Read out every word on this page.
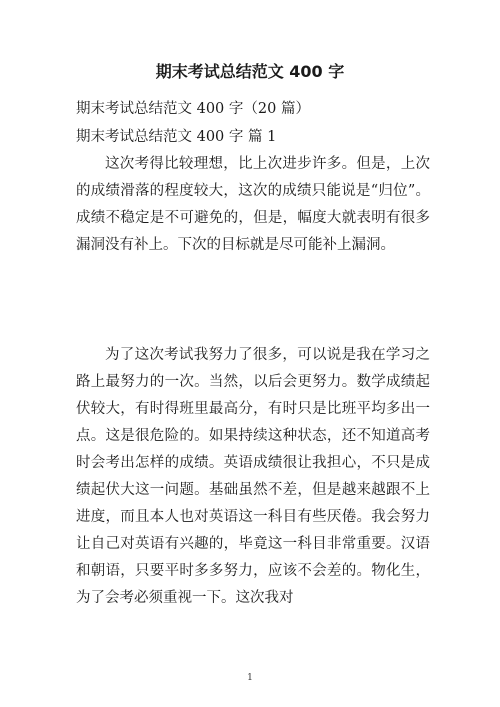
期末考试总结范文 400 字
期末考试总结范文 400 字（20 篇）
期末考试总结范文 400 字 篇 1

这次考得比较理想，比上次进步许多。但是，上次的成绩滑落的程度较大，这次的成绩只能说是“归位”。成绩不稳定是不可避免的，但是，幅度大就表明有很多漏洞没有补上。下次的目标就是尽可能补上漏洞。

为了这次考试我努力了很多，可以说是我在学习之路上最努力的一次。当然，以后会更努力。数学成绩起伏较大，有时得班里最高分，有时只是比班平均多出一点。这是很危险的。如果持续这种状态，还不知道高考时会考出怎样的成绩。英语成绩很让我担心，不只是成绩起伏大这一问题。基础虽然不差，但是越来越跟不上进度，而且本人也对英语这一科目有些厌倦。我会努力让自己对英语有兴趣的，毕竟这一科目非常重要。汉语和朝语，只要平时多多努力，应该不会差的。物化生，为了会考必须重视一下。这次我对

1
